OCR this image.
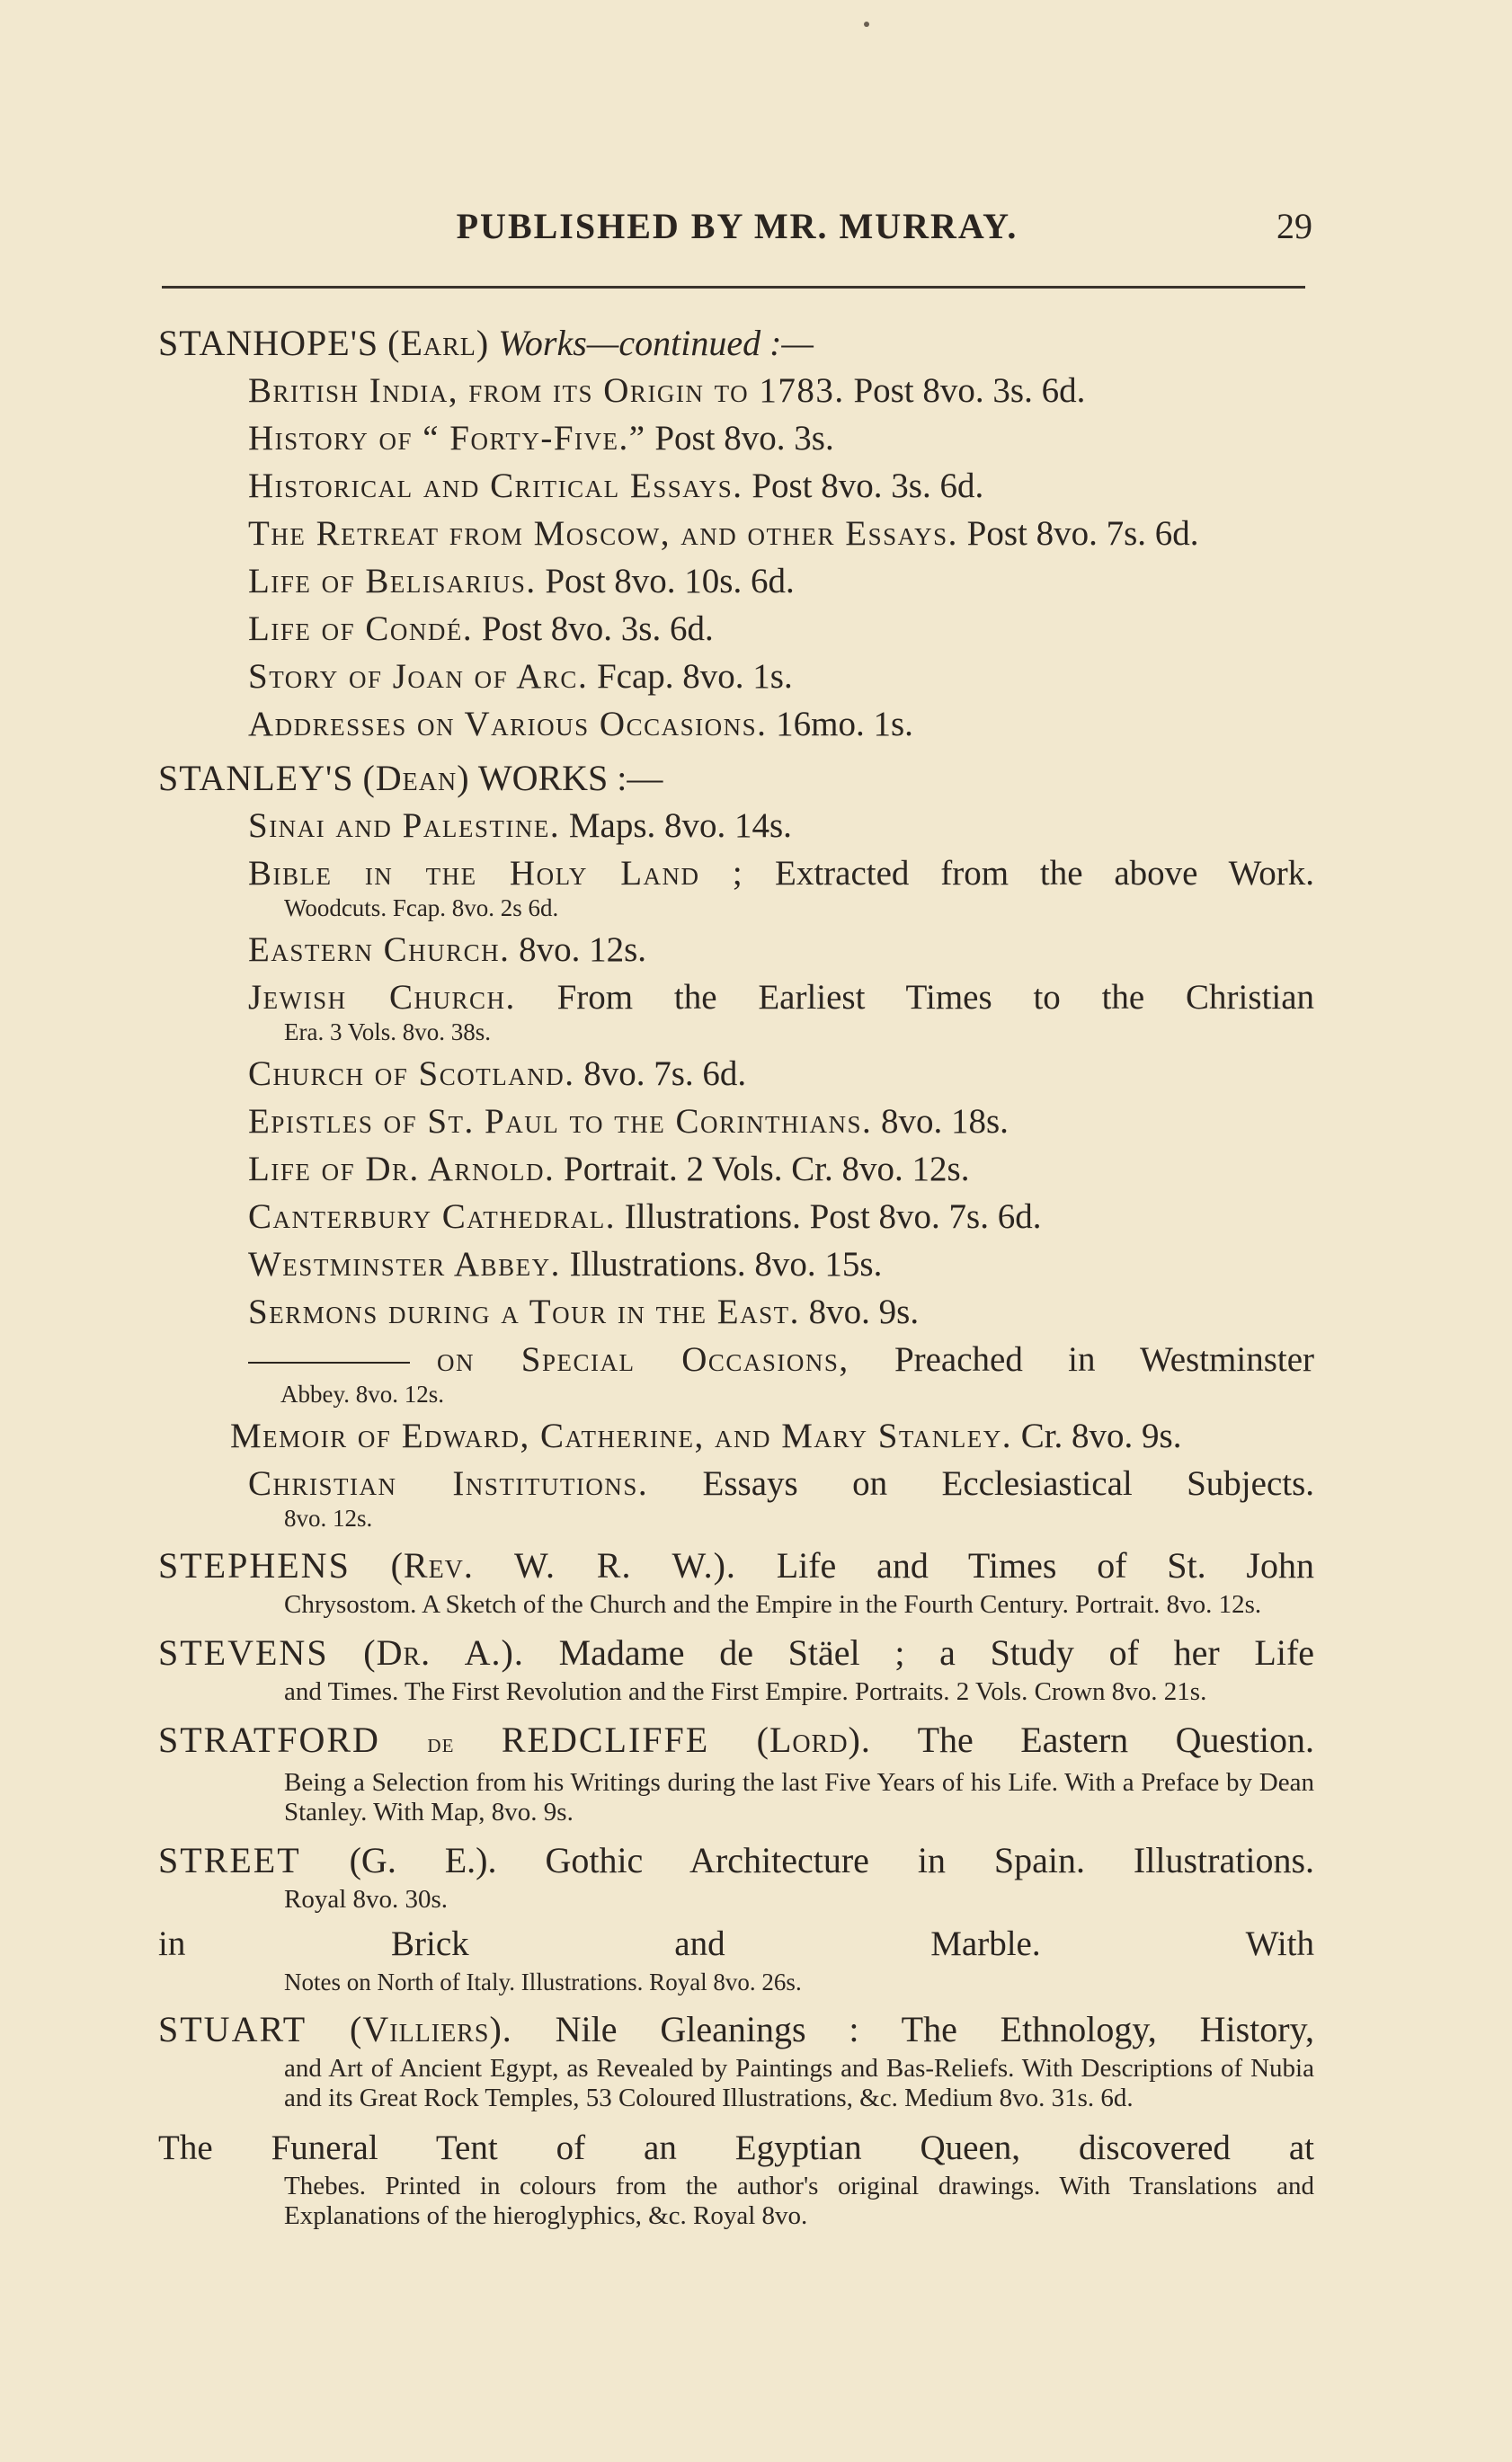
PUBLISHED BY MR. MURRAY.	29
STANHOPE'S (Earl) Works—continued :—
British India, from its Origin to 1783. Post 8vo. 3s. 6d.
History of “ Forty-Five.” Post 8vo. 3s.
Historical and Critical Essays. Post 8vo. 3s. 6d.
The Retreat from Moscow, and other Essays. Post 8vo. 7s. 6d.
Life of Belisarius. Post 8vo. 10s. 6d.
Life of Condé. Post 8vo. 3s. 6d.
Story of Joan of Arc. Fcap. 8vo. 1s.
Addresses on Various Occasions. 16mo. 1s.
STANLEY'S (Dean) WORKS :—
Sinai and Palestine. Maps. 8vo. 14s.
Bible in the Holy Land ; Extracted from the above Work.
Woodcuts. Fcap. 8vo. 2s 6d.
Eastern Church. 8vo. 12s.
Jewish Church. From the Earliest Times to the Christian
Era. 3 Vols. 8vo. 38s.
Church of Scotland. 8vo. 7s. 6d.
Epistles of St. Paul to the Corinthians. 8vo. 18s.
Life of Dr. Arnold. Portrait. 2 Vols. Cr. 8vo. 12s.
Canterbury Cathedral. Illustrations. Post 8vo. 7s. 6d.
Westminster Abbey. Illustrations. 8vo. 15s.
Sermons during a Tour in the East. 8vo. 9s.
on Special Occasions, Preached in Westminster
Abbey. 8vo. 12s.
Memoir of Edward, Catherine, and Mary Stanley. Cr. 8vo. 9s.
Christian Institutions. Essays on Ecclesiastical Subjects.
8vo. 12s.
STEPHENS (Rev. W. R. W.). Life and Times of St. John
Chrysostom. A Sketch of the Church and the Empire in the Fourth Century. Portrait. 8vo. 12s.
STEVENS (Dr. A.). Madame de Stäel ; a Study of her Life
and Times. The First Revolution and the First Empire. Portraits. 2 Vols. Crown 8vo. 21s.
STRATFORD de REDCLIFFE (Lord). The Eastern Question.
Being a Selection from his Writings during the last Five Years of his Life. With a Preface by Dean Stanley. With Map, 8vo. 9s.
STREET (G. E.). Gothic Architecture in Spain. Illustrations.
Royal 8vo. 30s.
in Brick and Marble. With
Notes on North of Italy. Illustrations. Royal 8vo. 26s.
STUART (Villiers). Nile Gleanings : The Ethnology, History,
and Art of Ancient Egypt, as Revealed by Paintings and Bas-Reliefs. With Descriptions of Nubia and its Great Rock Temples, 53 Coloured Illustrations, &c. Medium 8vo. 31s. 6d.
The Funeral Tent of an Egyptian Queen, discovered at
Thebes. Printed in colours from the author's original drawings. With Translations and Explanations of the hieroglyphics, &c. Royal 8vo.
